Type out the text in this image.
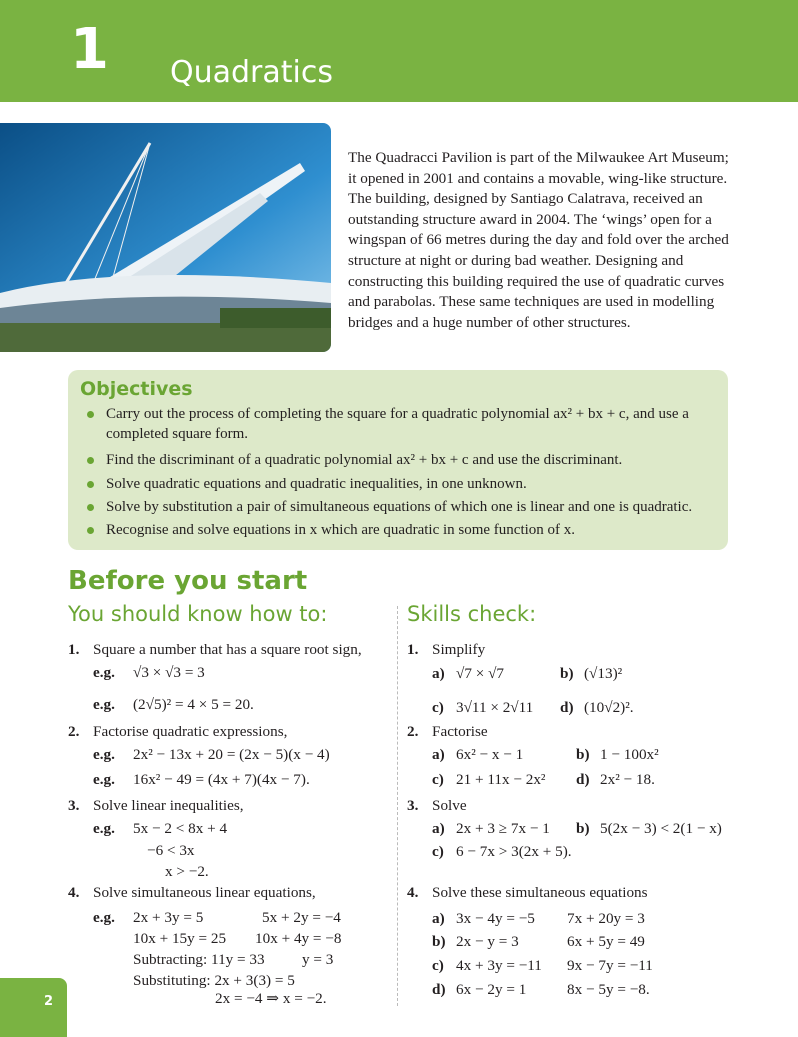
1 Quadratics
The Quadracci Pavilion is part of the Milwaukee Art Museum; it opened in 2001 and contains a movable, wing-like structure. The building, designed by Santiago Calatrava, received an outstanding structure award in 2004. The ‘wings’ open for a wingspan of 66 metres during the day and fold over the arched structure at night or during bad weather. Designing and constructing this building required the use of quadratic curves and parabolas. These same techniques are used in modelling bridges and a huge number of other structures.
Objectives
Carry out the process of completing the square for a quadratic polynomial ax² + bx + c, and use a completed square form.
Find the discriminant of a quadratic polynomial ax² + bx + c and use the discriminant.
Solve quadratic equations and quadratic inequalities, in one unknown.
Solve by substitution a pair of simultaneous equations of which one is linear and one is quadratic.
Recognise and solve equations in x which are quadratic in some function of x.
Before you start
You should know how to:	Skills check:
1. Square a number that has a square root sign,
e.g. √3 × √3 = 3
e.g. (2√5)² = 4 × 5 = 20.
2. Factorise quadratic expressions,
e.g. 2x² − 13x + 20 = (2x − 5)(x − 4)
e.g. 16x² − 49 = (4x + 7)(4x − 7).
3. Solve linear inequalities,
e.g. 5x − 2 < 8x + 4
−6 < 3x
x > −2.
4. Solve simultaneous linear equations,
e.g. 2x + 3y = 5	5x + 2y = −4
10x + 15y = 25 10x + 4y = −8
Subtracting: 11y = 33 y = 3
Substituting: 2x + 3(3) = 5
2x = −4 ⇒ x = −2.
1. Simplify
a) √7 × √7	b) (√13)²
c) 3√11 × 2√11 d) (10√2)².
2. Factorise
a) 6x² − x − 1	b) 1 − 100x²
c) 21 + 11x − 2x² d) 2x² − 18.
3. Solve
a) 2x + 3 ≥ 7x − 1 b) 5(2x − 3) < 2(1 − x)
c) 6 − 7x > 3(2x + 5).
4. Solve these simultaneous equations
a) 3x − 4y = −5 7x + 20y = 3
b) 2x − y = 3	6x + 5y = 49
c) 4x + 3y = −11 9x − 7y = −11
d) 6x − 2y = 1	8x − 5y = −8.
2
